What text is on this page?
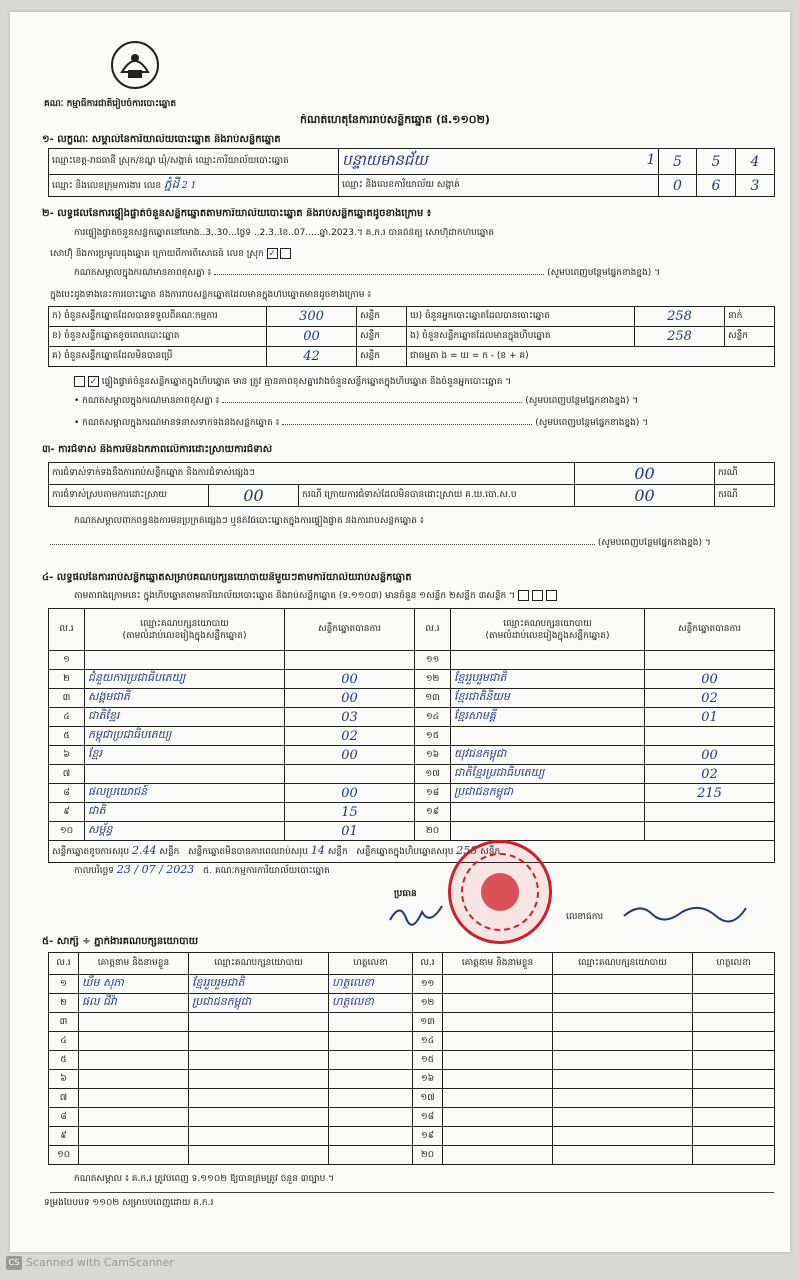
គណៈ កម្មាធិការជាតិរៀបចំការបោះឆ្នោត
កំណត់ហេតុនៃការរាប់សន្លឹកឆ្នោត (ផ.១១០២)
១- លក្ខណៈ សម្គាល់នៃការិយាល័យបោះឆ្នោត និងរាប់សន្លឹកឆ្នោត
ឈ្មោះខេត្ត-រាជធានី ស្រុក/ខណ្ឌ ឃុំ/សង្កាត់ ឈ្មោះការិយាល័យបោះឆ្នោត	បន្ទាយមានជ័យ	5	5	4
ឈ្មោះ និងលេខក្រុមការងារ លេខ ភ្នំដី 2 1	ឈ្មោះ និងលេខការិយាល័យ សង្កាត់	0	6	3
1
២- លទ្ធផលនៃការផ្ទៀងផ្ទាត់ចំនួនសន្លឹកឆ្នោតតាមការិយាល័យបោះឆ្នោត និងរាប់សន្លឹកឆ្នោតដូចខាងក្រោម ៖
ការផ្ទៀងផ្ទាត់ចំនួនសន្លឹកឆ្នោតនៅម៉ោង..3..30...ថ្ងៃទី ..2.3..ខែ..07.....ឆ្នាំ.2023.។ គ.ក.រ បានពិនិត្យ សោហ៊ុំដាក់ហិបឆ្នោត
សោហ៊ុំ និងការប្រមូលធុងឆ្នោត ក្រោយពីការពិសោធន៍ លេខ ស្រុក ✓
កំណត់សម្គាល់ក្នុងករណីមានភាពខុសគ្នា ៖	(សូមបំពេញបន្ថែមផ្នែកខាងខ្នង) ។
ក្នុងបេះដូងទាំងនេះការបោះឆ្នោត និងការរាប់សន្លឹកឆ្នោតដែលមានក្នុងហិបឆ្នោតមានដូចខាងក្រោម ៖
ក) ចំនួនសន្លឹកឆ្នោតដែលបានទទួលពីគណៈកម្មការ	300	សន្លឹក	ឃ) ចំនួនអ្នកបោះឆ្នោតដែលបានបោះឆ្នោត	258	នាក់
ខ) ចំនួនសន្លឹកឆ្នោតខូចពេលបោះឆ្នោត	00	សន្លឹក	ង) ចំនួនសន្លឹកឆ្នោតដែលមានក្នុងហិបឆ្នោត	258	សន្លឹក
គ) ចំនួនសន្លឹកឆ្នោតដែលមិនបានប្រើ	42	សន្លឹក	ជាធម្មតា ង = ឃ = ក - (ខ + គ)		
✓ ផ្ទៀងផ្ទាត់ចំនួនសន្លឹកឆ្នោតក្នុងហិបឆ្នោត មាន ត្រូវ គ្មានភាពខុសគ្នារវាងចំនួនសន្លឹកឆ្នោតក្នុងហិបឆ្នោត និងចំនួនអ្នកបោះឆ្នោត ។
• កំណត់សម្គាល់ក្នុងករណីមានភាពខុសគ្នា ៖	(សូមបំពេញបន្ថែមផ្នែកខាងខ្នង) ។
• កំណត់សម្គាល់ក្នុងករណីមានទំនាស់ទាក់ទងនឹងសន្លឹកឆ្នោត ៖	(សូមបំពេញបន្ថែមផ្នែកខាងខ្នង) ។
៣- ការជំទាស់ និងការមិនឯកភាពលើការដោះស្រាយការជំទាស់
ការជំទាស់ទាក់ទងនឹងការរាប់សន្លឹកឆ្នោត និងការជំទាស់ផ្សេងៗ			00	ករណី
ការជំទាស់ស្របតាមការដោះស្រាយ	00	ករណី ក្រោយការជំទាស់ដែលមិនបានដោះស្រាយ គ.ឃ.បោ.ស.ប	00	ករណី
កំណត់សម្គាល់ពាក់ព័ន្ធនឹងការមិនប្រក្រតីផ្សេងៗ ឬនីតិវិធីបោះឆ្នោតក្នុងការផ្ទៀងផ្ទាត់ និងការរាប់សន្លឹកឆ្នោត ៖
(សូមបំពេញបន្ថែមផ្នែកខាងខ្នង) ។
៤- លទ្ធផលនៃការរាប់សន្លឹកឆ្នោតសម្រាប់គណបក្សនយោបាយនីមួយៗតាមការិយាល័យរាប់សន្លឹកឆ្នោត
តាមតារាងក្រោមនេះ ក្នុងហិបឆ្នោតតាមការិយាល័យបោះឆ្នោត និងរាប់សន្លឹកឆ្នោត (ទ.១១០៣) មានចំនួន ១សន្លឹក ២សន្លឹក ៣សន្លឹក ។
ល.រ	ឈ្មោះគណបក្សនយោបាយ
(តាមលំដាប់លេខរៀងក្នុងសន្លឹកឆ្នោត)	សន្លឹកឆ្នោតបានការ	ល.រ	ឈ្មោះគណបក្សនយោបាយ
(តាមលំដាប់លេខរៀងក្នុងសន្លឹកឆ្នោត)	សន្លឹកឆ្នោតបានការ
១			១១		
២	ជំនួយការប្រជាធិបតេយ្យ	00	១២	ខ្មែររួបរួមជាតិ	00
៣	សង្គមជាតិ	00	១៣	ខ្មែរជាតិនិយម	02
៤	ជាតិខ្មែរ	03	១៤	ខ្មែរសាមគ្គី	01
៥	កម្ពុជាប្រជាធិបតេយ្យ	02	១៥		
៦	ខ្មែរ	00	១៦	យុវជនកម្ពុជា	00
៧			១៧	ជាតិខ្មែរប្រជាធិបតេយ្យ	02
៨	ផលប្រយោជន៍	00	១៨	ប្រជាជនកម្ពុជា	215
៩	ជាតិ	15	១៩		
១០	សម្ព័ន្ធ	01	២០		
សន្លឹកឆ្នោតខូចការសរុប 2.44 សន្លឹក សន្លឹកឆ្នោតមិនបានការពេលរាប់សរុប 14 សន្លឹក សន្លឹកឆ្នោតក្នុងហិបឆ្នោតសរុប 258 សន្លឹក					
កាលបរិច្ឆេទ 23 / 07 / 2023 ៥. គណៈកម្មការការិយាល័យបោះឆ្នោត
ប្រធាន
លេខាធិការ
៥- សាក្សី ÷ ភ្នាក់ងារគណបក្សនយោបាយ
ល.រ	គោត្តនាម និងនាមខ្លួន	ឈ្មោះគណបក្សនយោបាយ	ហត្ថលេខា	ល.រ	គោត្តនាម និងនាមខ្លួន	ឈ្មោះគណបក្សនយោបាយ	ហត្ថលេខា
១	ឃឹម សុភា	ខ្មែររួបរួមជាតិ	ហត្ថលេខា	១១			
២	ផល ជីវ៉ា	ប្រជាជនកម្ពុជា	ហត្ថលេខា	១២			
៣				១៣			
៤				១៤			
៥				១៥			
៦				១៦			
៧				១៧			
៨				១៨			
៩				១៩			
១០				២០			
កំណត់សម្គាល់ ៖ គ.ក.រ ត្រូវបំពេញ ទ.១១០២ ឱ្យបានត្រឹមត្រូវ ចំនួន ៣ច្បាប់ ។
ទម្រង់បែបបទ ១១០២ សម្រាប់បំពេញដោយ គ.ក.រ
CS Scanned with CamScanner
